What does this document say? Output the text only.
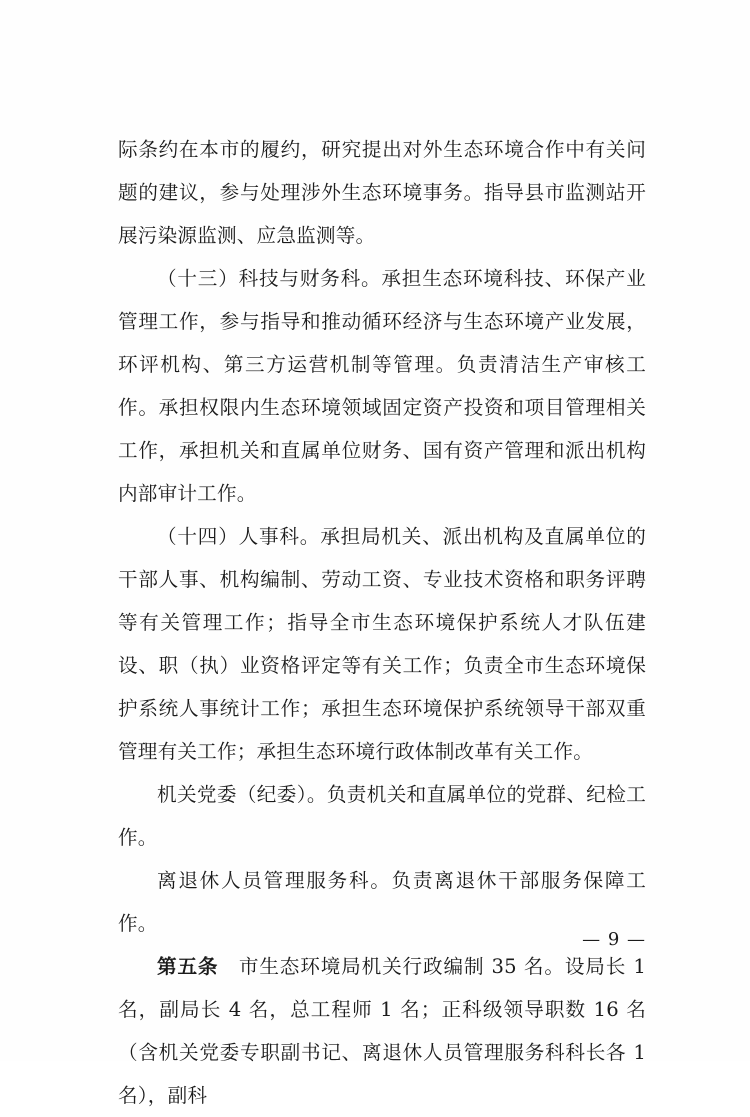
际条约在本市的履约，研究提出对外生态环境合作中有关问题的建议，参与处理涉外生态环境事务。指导县市监测站开展污染源监测、应急监测等。

（十三）科技与财务科。承担生态环境科技、环保产业管理工作，参与指导和推动循环经济与生态环境产业发展，环评机构、第三方运营机制等管理。负责清洁生产审核工作。承担权限内生态环境领域固定资产投资和项目管理相关工作，承担机关和直属单位财务、国有资产管理和派出机构内部审计工作。

（十四）人事科。承担局机关、派出机构及直属单位的干部人事、机构编制、劳动工资、专业技术资格和职务评聘等有关管理工作；指导全市生态环境保护系统人才队伍建设、职（执）业资格评定等有关工作；负责全市生态环境保护系统人事统计工作；承担生态环境保护系统领导干部双重管理有关工作；承担生态环境行政体制改革有关工作。

机关党委（纪委）。负责机关和直属单位的党群、纪检工作。

离退休人员管理服务科。负责离退休干部服务保障工作。

第五条　 市生态环境局机关行政编制 35 名。设局长 1 名，副局长 4 名，总工程师 1 名；正科级领导职数 16 名（含机关党委专职副书记、离退休人员管理服务科科长各 1 名），副科

— 9 —
